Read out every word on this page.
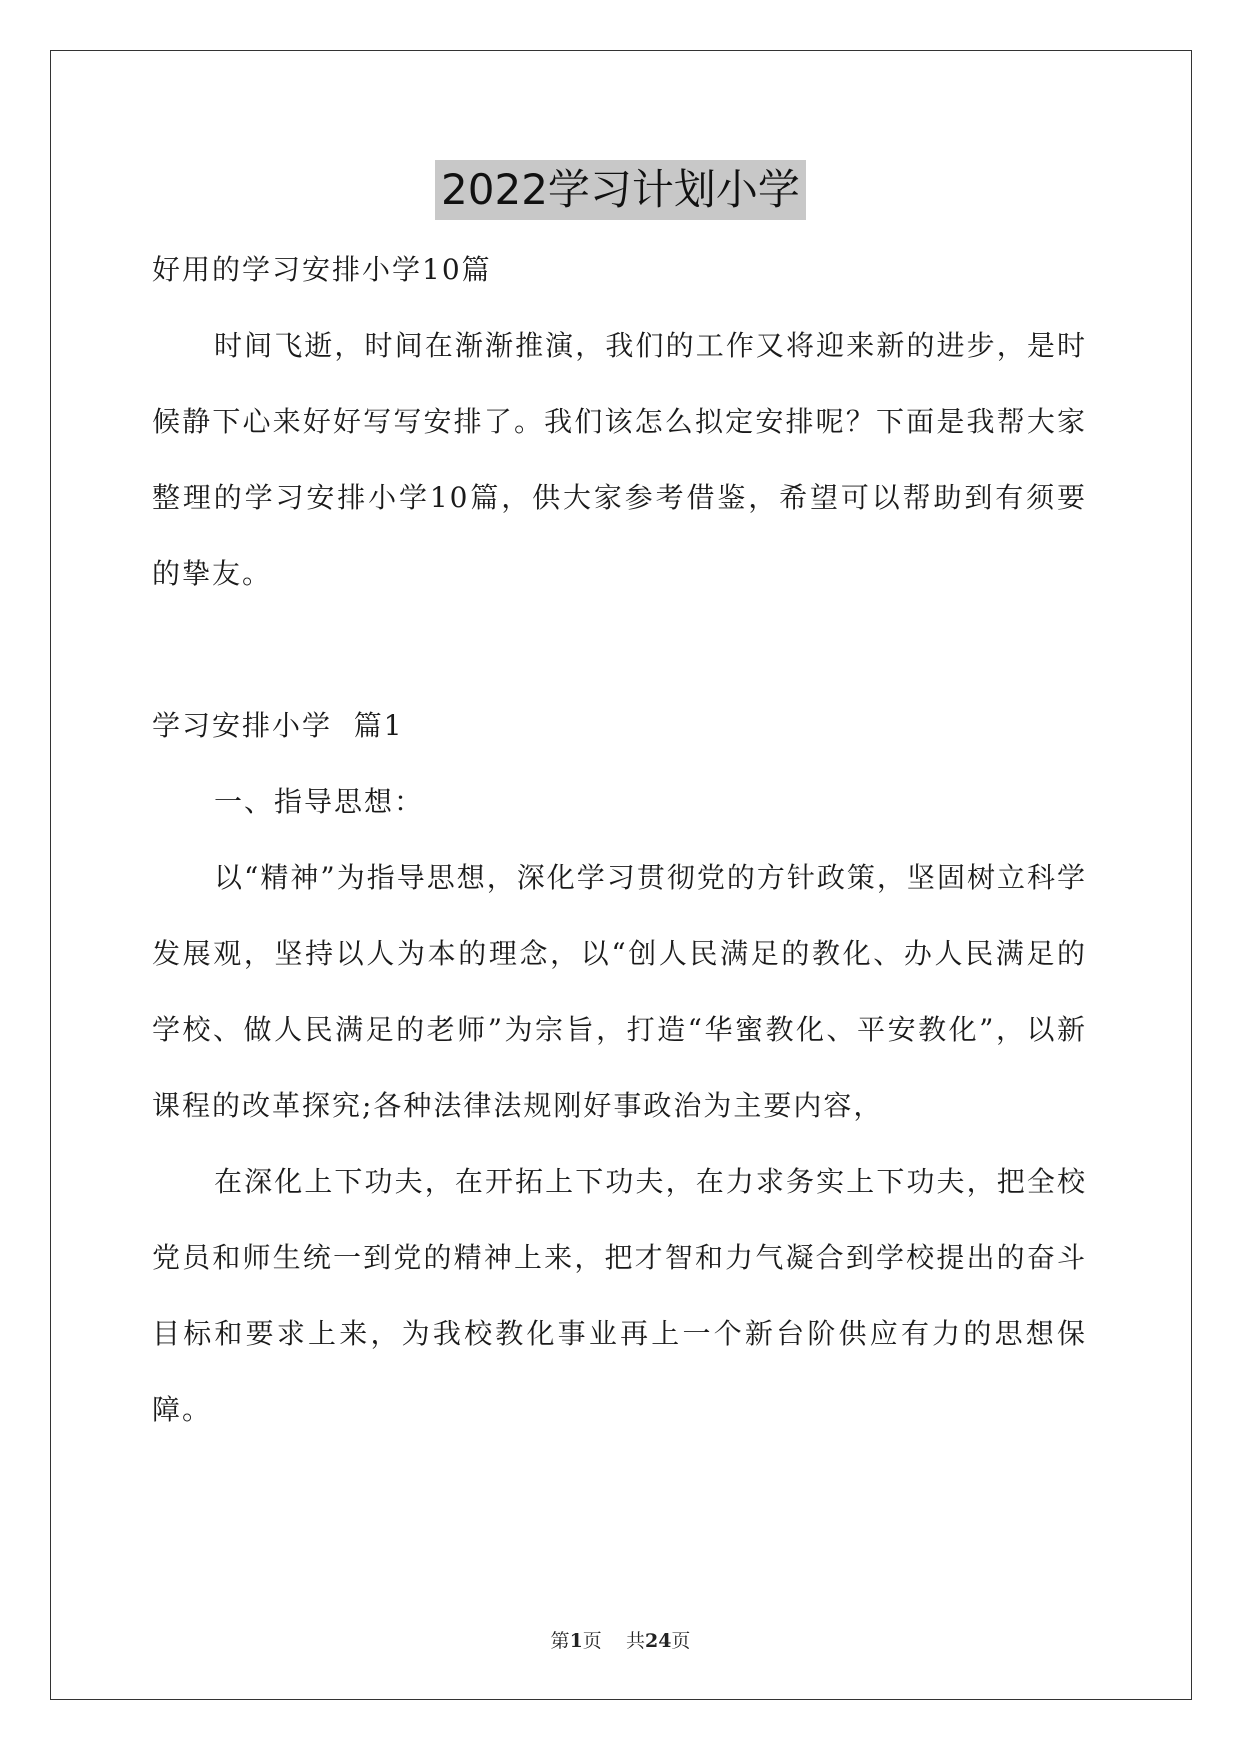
2022学习计划小学

好用的学习安排小学10篇

时间飞逝，时间在渐渐推演，我们的工作又将迎来新的进步，是时候静下心来好好写写安排了。我们该怎么拟定安排呢？下面是我帮大家整理的学习安排小学10篇，供大家参考借鉴，希望可以帮助到有须要的挚友。

学习安排小学  篇1

一、指导思想：

以“精神”为指导思想，深化学习贯彻党的方针政策，坚固树立科学发展观，坚持以人为本的理念，以“创人民满足的教化、办人民满足的学校、做人民满足的老师”为宗旨，打造“华蜜教化、平安教化”，以新课程的改革探究;各种法律法规刚好事政治为主要内容，

在深化上下功夫，在开拓上下功夫，在力求务实上下功夫，把全校党员和师生统一到党的精神上来，把才智和力气凝合到学校提出的奋斗目标和要求上来，为我校教化事业再上一个新台阶供应有力的思想保障。

第1页    共24页
